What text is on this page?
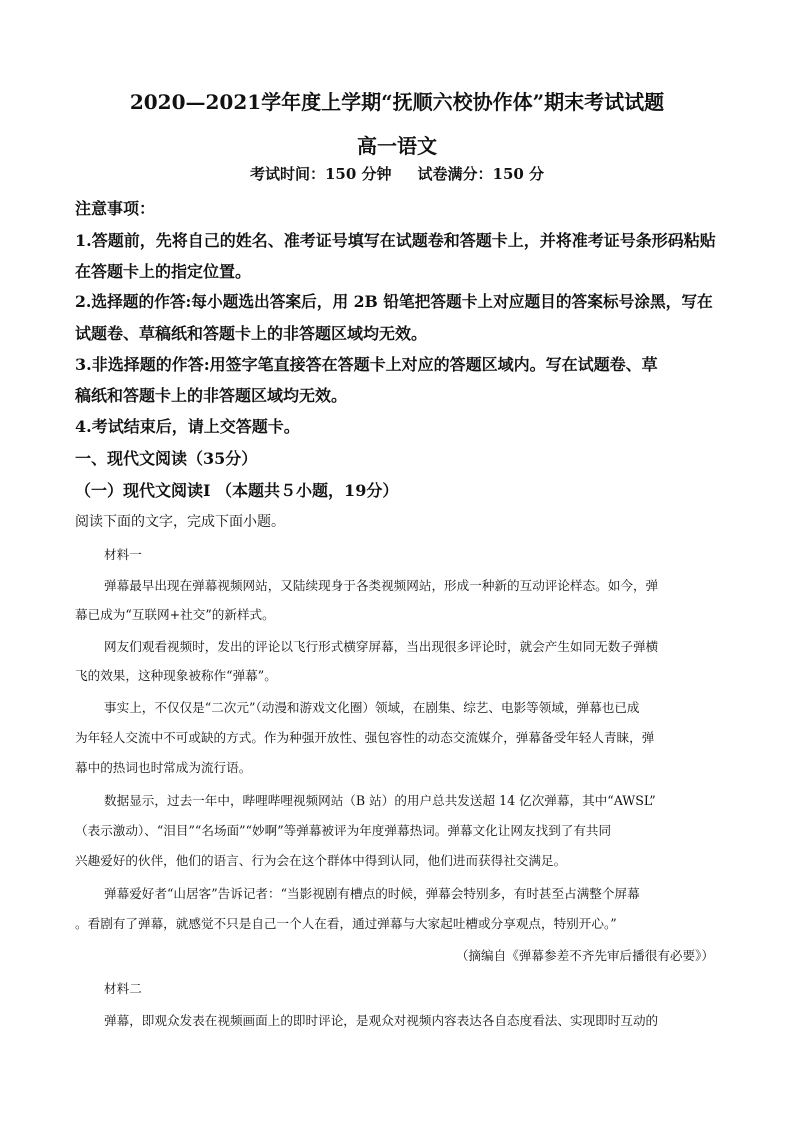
2020—2021学年度上学期“抚顺六校协作体”期末考试试题
高一语文
考试时间：150 分钟 试卷满分：150 分
注意事项：
1.答题前，先将自己的姓名、准考证号填写在试题卷和答题卡上，并将准考证号条形码粘贴
在答题卡上的指定位置。
2.选择题的作答:每小题选出答案后，用 2B 铅笔把答题卡上对应题目的答案标号涂黑，写在
试题卷、草稿纸和答题卡上的非答题区域均无效。
3.非选择题的作答:用签字笔直接答在答题卡上对应的答题区域内。写在试题卷、草
稿纸和答题卡上的非答题区域均无效。
4.考试结束后，请上交答题卡。
一、现代文阅读（35分）
（一）现代文阅读Ⅰ （本题共５小题，19分）
阅读下面的文字，完成下面小题。
材料一
弹幕最早出现在弹幕视频网站，又陆续现身于各类视频网站，形成一种新的互动评论样态。如今，弹
幕已成为“互联网+社交”的新样式。
网友们观看视频时，发出的评论以飞行形式横穿屏幕，当出现很多评论时，就会产生如同无数子弹横
飞的效果，这种现象被称作“弹幕”。
事实上，不仅仅是“二次元”（动漫和游戏文化圈）领域，在剧集、综艺、电影等领域，弹幕也已成
为年轻人交流中不可或缺的方式。作为种强开放性、强包容性的动态交流媒介，弹幕备受年轻人青睐，弹
幕中的热词也时常成为流行语。
数据显示，过去一年中，哔哩哔哩视频网站（B 站）的用户总共发送超 14 亿次弹幕，其中“AWSL”
（表示激动）、“泪目”“名场面”“妙啊”等弹幕被评为年度弹幕热词。弹幕文化让网友找到了有共同
兴趣爱好的伙伴，他们的语言、行为会在这个群体中得到认同，他们进而获得社交满足。
弹幕爱好者“山居客”告诉记者：“当影视剧有槽点的时候，弹幕会特别多，有时甚至占满整个屏幕
。看剧有了弹幕，就感觉不只是自己一个人在看，通过弹幕与大家起吐槽或分享观点，特别开心。”
（摘编自《弹幕参差不齐先审后播很有必要》）
材料二
弹幕，即观众发表在视频画面上的即时评论，是观众对视频内容表达各自态度看法、实现即时互动的
